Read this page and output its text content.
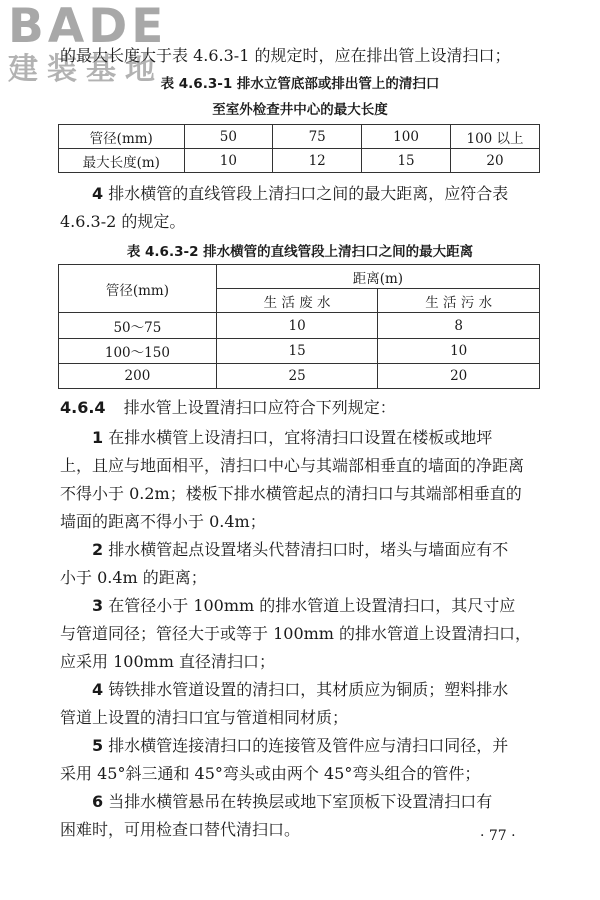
BADE
建装基地
的最大长度大于表 4.6.3-1 的规定时，应在排出管上设清扫口；
表 4.6.3-1 排水立管底部或排出管上的清扫口
至室外检查井中心的最大长度
管径(mm)	50	75	100	100 以上
最大长度(m)	10	12	15	20
4 排水横管的直线管段上清扫口之间的最大距离，应符合表
4.6.3-2 的规定。
表 4.6.3-2 排水横管的直线管段上清扫口之间的最大距离
管径(mm)	距离(m)	
	生 活 废 水	生 活 污 水
50～75	10	8
100～150	15	10
200	25	20
4.6.4 排水管上设置清扫口应符合下列规定：
1 在排水横管上设清扫口，宜将清扫口设置在楼板或地坪
上，且应与地面相平，清扫口中心与其端部相垂直的墙面的净距离
不得小于 0.2m；楼板下排水横管起点的清扫口与其端部相垂直的
墙面的距离不得小于 0.4m；
2 排水横管起点设置堵头代替清扫口时，堵头与墙面应有不
小于 0.4m 的距离；
3 在管径小于 100mm 的排水管道上设置清扫口，其尺寸应
与管道同径；管径大于或等于 100mm 的排水管道上设置清扫口，
应采用 100mm 直径清扫口；
4 铸铁排水管道设置的清扫口，其材质应为铜质；塑料排水
管道上设置的清扫口宜与管道相同材质；
5 排水横管连接清扫口的连接管及管件应与清扫口同径，并
采用 45°斜三通和 45°弯头或由两个 45°弯头组合的管件；
6 当排水横管悬吊在转换层或地下室顶板下设置清扫口有
困难时，可用检查口替代清扫口。	· 77 ·
